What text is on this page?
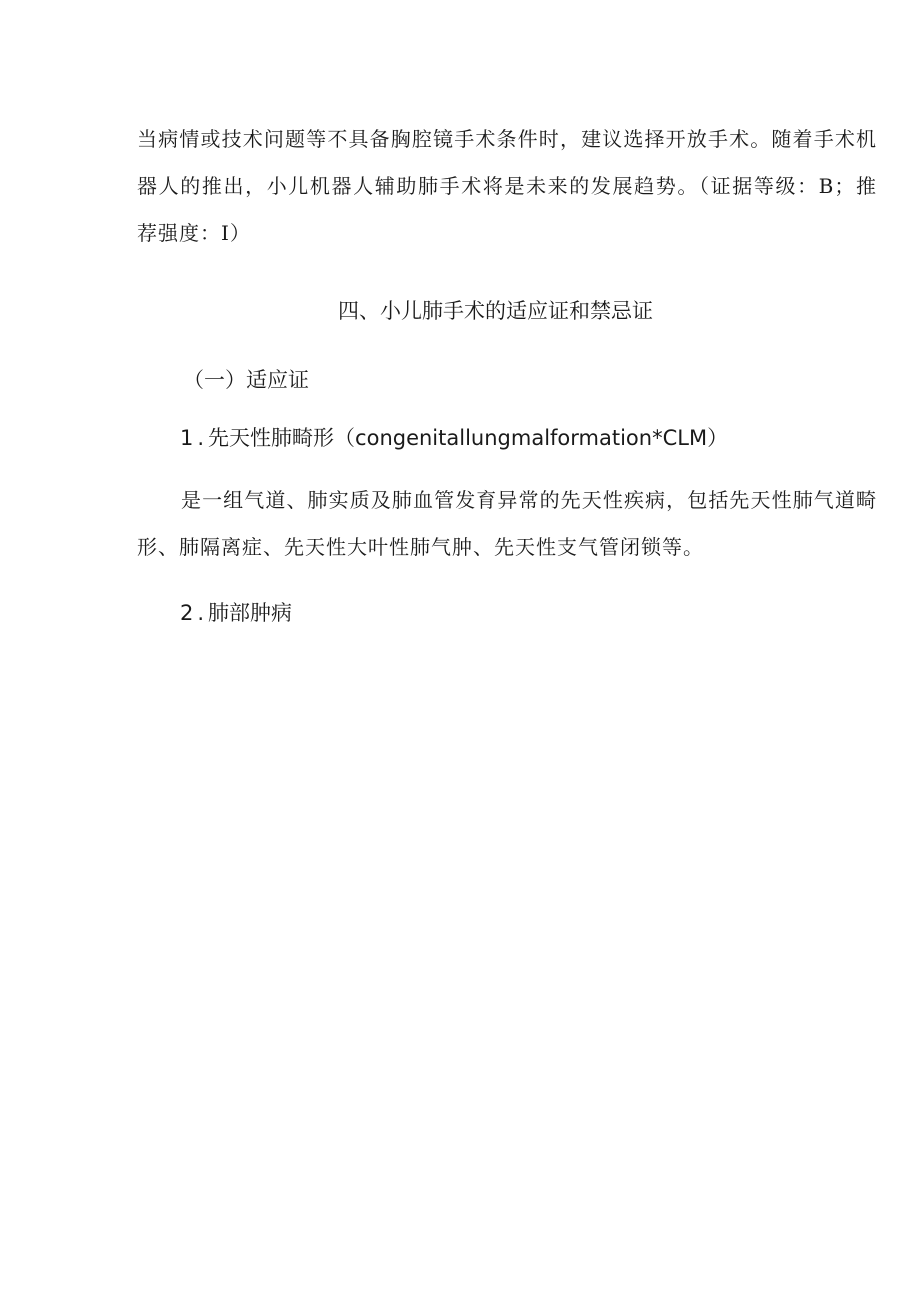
当病情或技术问题等不具备胸腔镜手术条件时，建议选择开放手术。随着手术机器人的推出，小儿机器人辅助肺手术将是未来的发展趋势。（证据等级：B；推荐强度：I）

四、小儿肺手术的适应证和禁忌证
（一）适应证
1.先天性肺畸形（congenitallungmalformation*CLM）

是一组气道、肺实质及肺血管发育异常的先天性疾病，包括先天性肺气道畸形、肺隔离症、先天性大叶性肺气肿、先天性支气管闭锁等。

2.肺部肿病
